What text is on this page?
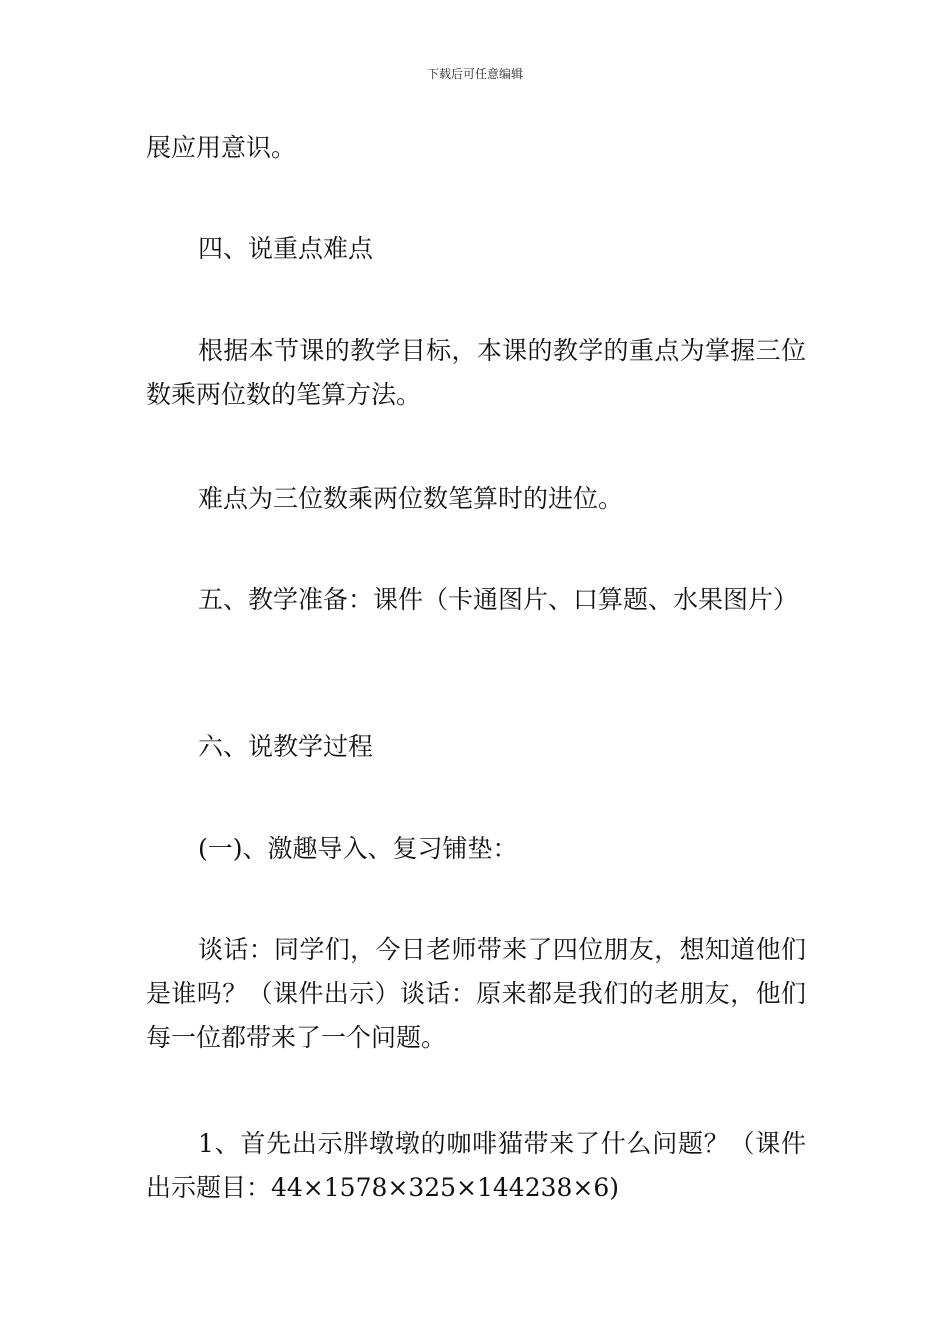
下载后可任意编辑

展应用意识。

四、说重点难点

根据本节课的教学目标，本课的教学的重点为掌握三位数乘两位数的笔算方法。

难点为三位数乘两位数笔算时的进位。

五、教学准备：课件（卡通图片、口算题、水果图片）

六、说教学过程

(一)、激趣导入、复习铺垫：

谈话：同学们，今日老师带来了四位朋友，想知道他们是谁吗？（课件出示）谈话：原来都是我们的老朋友，他们每一位都带来了一个问题。

1、首先出示胖墩墩的咖啡猫带来了什么问题？（课件出示题目：44×1578×325×144238×6)
